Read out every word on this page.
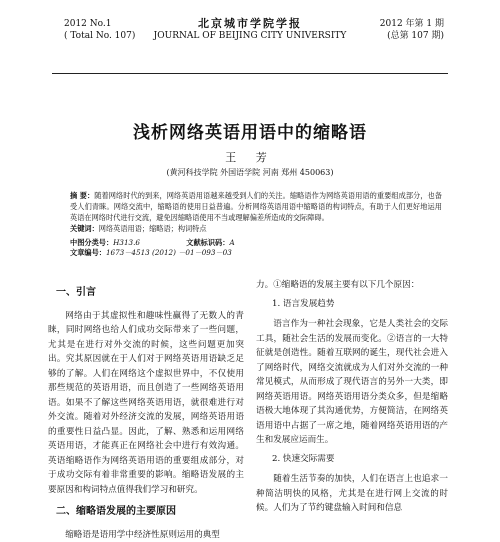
2012 No.1
( Total No. 107)
北京城市学院学报
JOURNAL OF BEIJING CITY UNIVERSITY
2012 年第 1 期
(总第 107 期)
浅析网络英语用语中的缩略语
王 芳
(黄河科技学院 外国语学院 河南 郑州 450063)
摘 要：随着网络时代的到来，网络英语用语越来越受到人们的关注。缩略语作为网络英语用语的重要组成部分，也备受人们青睐。网络交流中，缩略语的使用日益普遍。分析网络英语用语中缩略语的构词特点，有助于人们更好地运用英语在网络时代进行交流，避免因缩略语使用不当或理解偏差所造成的交际障碍。
关键词：网络英语用语；缩略语；构词特点
中图分类号：H313.6	文献标识码：A 文章编号：1673－4513 (2012) －01－093－03
一、引言

网络由于其虚拟性和趣味性赢得了无数人的青睐，同时网络也给人们成功交际带来了一些问题，尤其是在进行对外交流的时候，这些问题更加突出。究其原因就在于人们对于网络英语用语缺乏足够的了解。人们在网络这个虚拟世界中，不仅使用那些规范的英语用语，而且创造了一些网络英语用语。如果不了解这些网络英语用语，就很难进行对外交流。随着对外经济交流的发展，网络英语用语的重要性日益凸显。因此，了解、熟悉和运用网络英语用语，才能真正在网络社会中进行有效沟通。英语缩略语作为网络英语用语的重要组成部分，对于成功交际有着非常重要的影响。缩略语发展的主要原因和构词特点值得我们学习和研究。

二、缩略语发展的主要原因

缩略语是语用学中经济性原则运用的典型

力。①缩略语的发展主要有以下几个原因：

1. 语言发展趋势

语言作为一种社会现象，它是人类社会的交际工具，随社会生活的发展而变化。②语言的一大特征就是创造性。随着互联网的诞生，现代社会进入了网络时代，网络交流就成为人们对外交流的一种常见模式，从而形成了现代语言的另外一大类，即网络英语用语。网络英语用语分类众多，但是缩略语极大地体现了其沟通优势，方便简洁，在网络英语用语中占据了一席之地，随着网络英语用语的产生和发展应运而生。

2. 快速交际需要

随着生活节奏的加快，人们在语言上也追求一种简洁明快的风格，尤其是在进行网上交流的时候。人们为了节约键盘输入时间和信息
